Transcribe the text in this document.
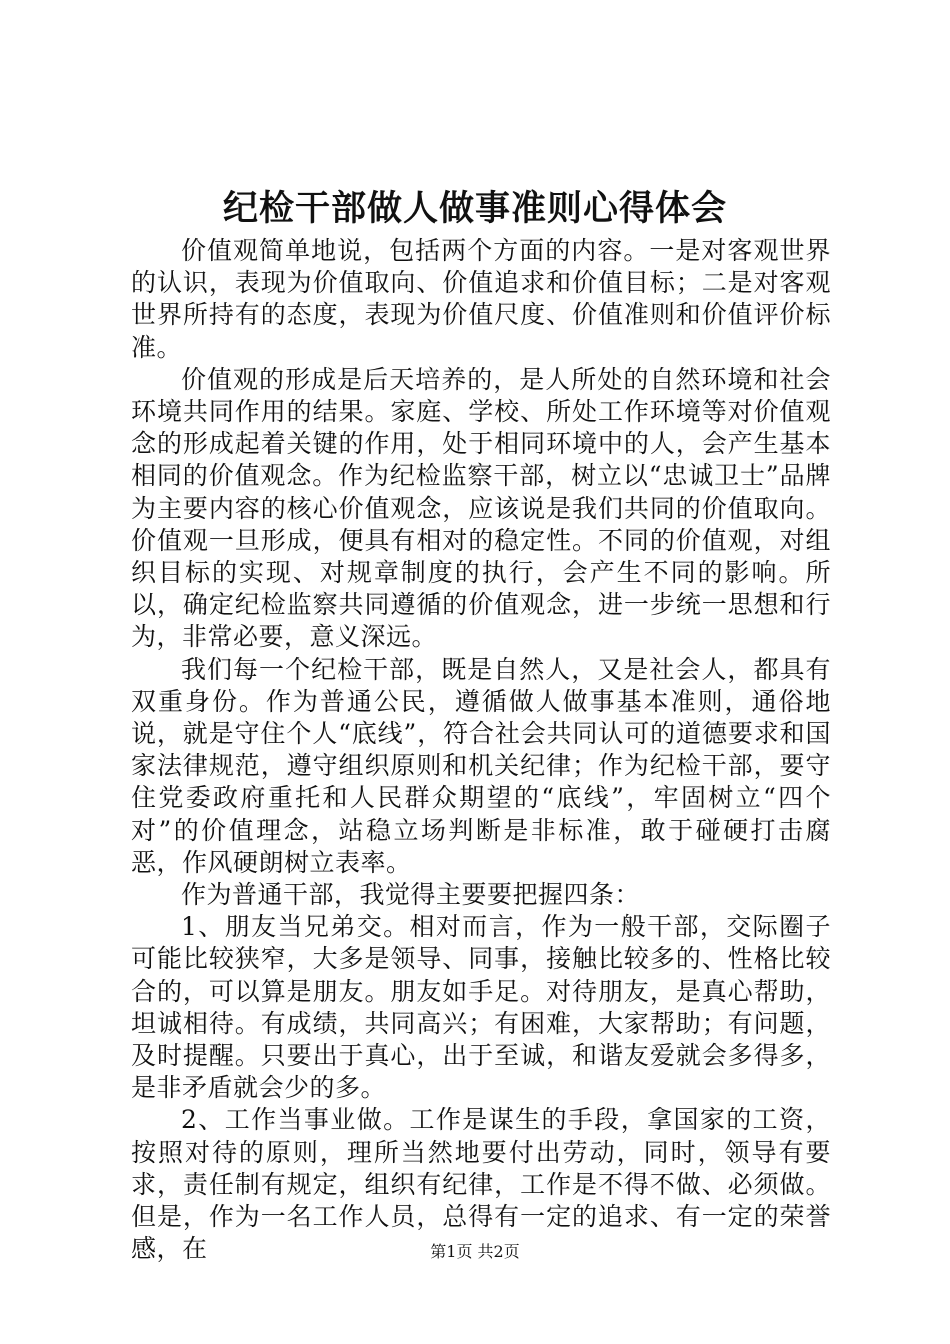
纪检干部做人做事准则心得体会

价值观简单地说，包括两个方面的内容。一是对客观世界的认识，表现为价值取向、价值追求和价值目标；二是对客观世界所持有的态度，表现为价值尺度、价值准则和价值评价标准。

价值观的形成是后天培养的，是人所处的自然环境和社会环境共同作用的结果。家庭、学校、所处工作环境等对价值观念的形成起着关键的作用，处于相同环境中的人，会产生基本相同的价值观念。作为纪检监察干部，树立以“忠诚卫士”品牌为主要内容的核心价值观念，应该说是我们共同的价值取向。价值观一旦形成，便具有相对的稳定性。不同的价值观，对组织目标的实现、对规章制度的执行，会产生不同的影响。所以，确定纪检监察共同遵循的价值观念，进一步统一思想和行为，非常必要，意义深远。

我们每一个纪检干部，既是自然人，又是社会人，都具有双重身份。作为普通公民，遵循做人做事基本准则，通俗地说，就是守住个人“底线”，符合社会共同认可的道德要求和国家法律规范，遵守组织原则和机关纪律；作为纪检干部，要守住党委政府重托和人民群众期望的“底线”，牢固树立“四个对”的价值理念，站稳立场判断是非标准，敢于碰硬打击腐恶，作风硬朗树立表率。

作为普通干部，我觉得主要要把握四条：

1、朋友当兄弟交。相对而言，作为一般干部，交际圈子可能比较狭窄，大多是领导、同事，接触比较多的、性格比较合的，可以算是朋友。朋友如手足。对待朋友，是真心帮助，坦诚相待。有成绩，共同高兴；有困难，大家帮助；有问题，及时提醒。只要出于真心，出于至诚，和谐友爱就会多得多，是非矛盾就会少的多。

2、工作当事业做。工作是谋生的手段，拿国家的工资，按照对待的原则，理所当然地要付出劳动，同时，领导有要求，责任制有规定，组织有纪律，工作是不得不做、必须做。但是，作为一名工作人员，总得有一定的追求、有一定的荣誉感，在	第1页 共2页
